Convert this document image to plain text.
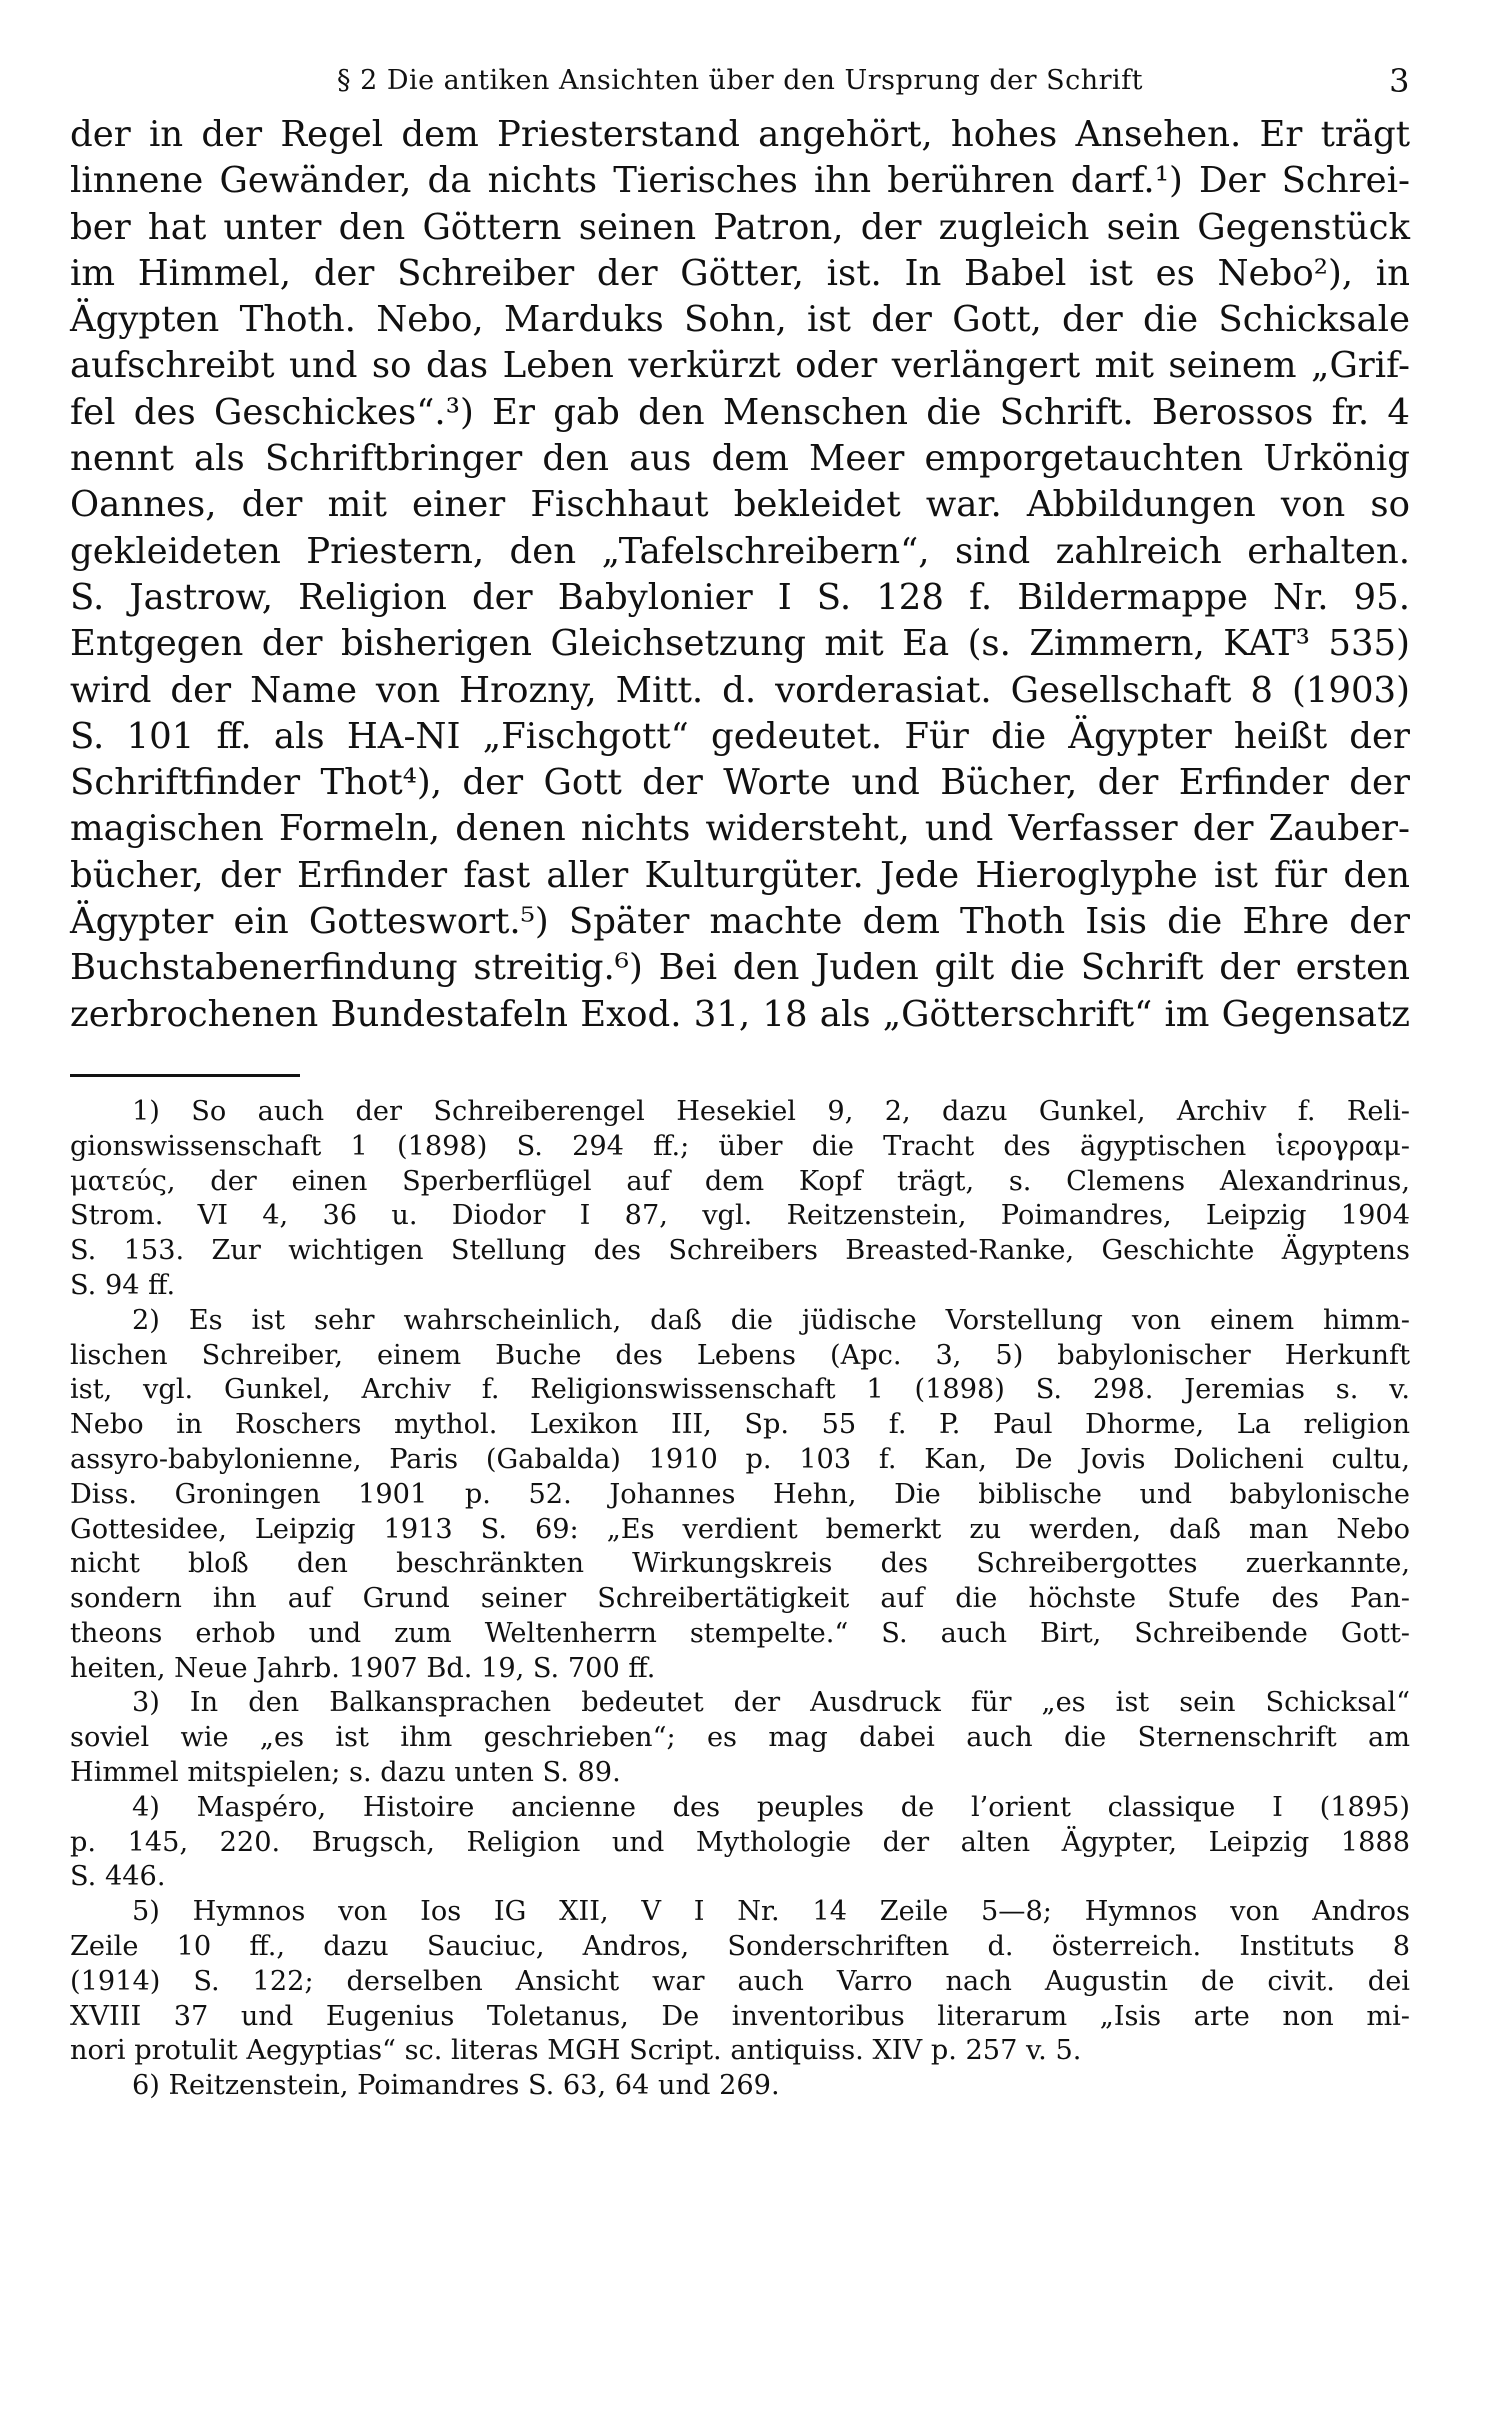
§ 2 Die antiken Ansichten über den Ursprung der Schrift	3
der in der Regel dem Priesterstand angehört, hohes Ansehen. Er trägt
linnene Gewänder, da nichts Tierisches ihn berühren darf.¹) Der Schrei-
ber hat unter den Göttern seinen Patron, der zugleich sein Gegenstück
im Himmel, der Schreiber der Götter, ist. In Babel ist es Nebo²), in
Ägypten Thoth. Nebo, Marduks Sohn, ist der Gott, der die Schicksale
aufschreibt und so das Leben verkürzt oder verlängert mit seinem „Grif-
fel des Geschickes“.³) Er gab den Menschen die Schrift. Berossos fr. 4
nennt als Schriftbringer den aus dem Meer emporgetauchten Urkönig
Oannes, der mit einer Fischhaut bekleidet war. Abbildungen von so
gekleideten Priestern, den „Tafelschreibern“, sind zahlreich erhalten.
S. Jastrow, Religion der Babylonier I S. 128 f. Bildermappe Nr. 95.
Entgegen der bisherigen Gleichsetzung mit Ea (s. Zimmern, KAT³ 535)
wird der Name von Hrozny, Mitt. d. vorderasiat. Gesellschaft 8 (1903)
S. 101 ff. als HA-NI „Fischgott“ gedeutet. Für die Ägypter heißt der
Schriftfinder Thot⁴), der Gott der Worte und Bücher, der Erfinder der
magischen Formeln, denen nichts widersteht, und Verfasser der Zauber-
bücher, der Erfinder fast aller Kulturgüter. Jede Hieroglyphe ist für den
Ägypter ein Gotteswort.⁵) Später machte dem Thoth Isis die Ehre der
Buchstabenerfindung streitig.⁶) Bei den Juden gilt die Schrift der ersten
zerbrochenen Bundestafeln Exod. 31, 18 als „Götterschrift“ im Gegensatz
1) So auch der Schreiberengel Hesekiel 9, 2, dazu Gunkel, Archiv f. Reli-
gionswissenschaft 1 (1898) S. 294 ff.; über die Tracht des ägyptischen ἱερογραμ-
ματεύς, der einen Sperberflügel auf dem Kopf trägt, s. Clemens Alexandrinus,
Strom. VI 4, 36 u. Diodor I 87, vgl. Reitzenstein, Poimandres, Leipzig 1904
S. 153. Zur wichtigen Stellung des Schreibers Breasted-Ranke, Geschichte Ägyptens
S. 94 ff.
2) Es ist sehr wahrscheinlich, daß die jüdische Vorstellung von einem himm-
lischen Schreiber, einem Buche des Lebens (Apc. 3, 5) babylonischer Herkunft
ist, vgl. Gunkel, Archiv f. Religionswissenschaft 1 (1898) S. 298. Jeremias s. v.
Nebo in Roschers mythol. Lexikon III, Sp. 55 f. P. Paul Dhorme, La religion
assyro-babylonienne, Paris (Gabalda) 1910 p. 103 f. Kan, De Jovis Dolicheni cultu,
Diss. Groningen 1901 p. 52. Johannes Hehn, Die biblische und babylonische
Gottesidee, Leipzig 1913 S. 69: „Es verdient bemerkt zu werden, daß man Nebo
nicht bloß den beschränkten Wirkungskreis des Schreibergottes zuerkannte,
sondern ihn auf Grund seiner Schreibertätigkeit auf die höchste Stufe des Pan-
theons erhob und zum Weltenherrn stempelte.“ S. auch Birt, Schreibende Gott-
heiten, Neue Jahrb. 1907 Bd. 19, S. 700 ff.
3) In den Balkansprachen bedeutet der Ausdruck für „es ist sein Schicksal“
soviel wie „es ist ihm geschrieben“; es mag dabei auch die Sternenschrift am
Himmel mitspielen; s. dazu unten S. 89.
4) Maspéro, Histoire ancienne des peuples de l’orient classique I (1895)
p. 145, 220. Brugsch, Religion und Mythologie der alten Ägypter, Leipzig 1888
S. 446.
5) Hymnos von Ios IG XII, V I Nr. 14 Zeile 5—8; Hymnos von Andros
Zeile 10 ff., dazu Sauciuc, Andros, Sonderschriften d. österreich. Instituts 8
(1914) S. 122; derselben Ansicht war auch Varro nach Augustin de civit. dei
XVIII 37 und Eugenius Toletanus, De inventoribus literarum „Isis arte non mi-
nori protulit Aegyptias“ sc. literas MGH Script. antiquiss. XIV p. 257 v. 5.
6) Reitzenstein, Poimandres S. 63, 64 und 269.
